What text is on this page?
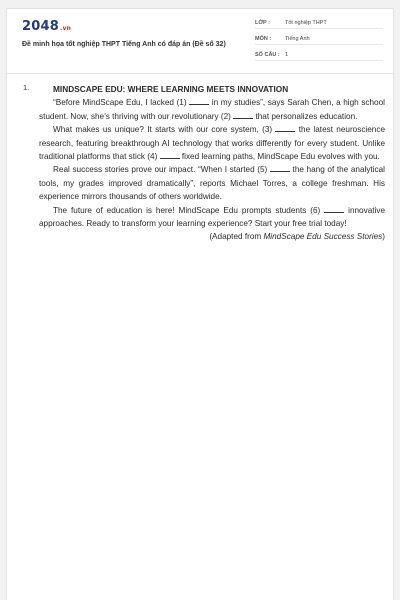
2048.vn
Đề minh họa tốt nghiệp THPT Tiếng Anh có đáp án (Đề số 32)
LỚP :	Tốt nghiệp THPT
MÔN :	Tiếng Anh
SỐ CÂU : 1
1.	MINDSCAPE EDU: WHERE LEARNING MEETS INNOVATION

“Before MindScape Edu, I lacked (1)  in my studies”, says Sarah Chen, a high school student. Now, she’s thriving with our revolutionary (2)  that personalizes education.

What makes us unique? It starts with our core system, (3)  the latest neuroscience research, featuring breakthrough AI technology that works differently for every student. Unlike traditional platforms that stick (4)  fixed learning paths, MindScape Edu evolves with you.

Real success stories prove our impact. “When I started (5)  the hang of the analytical tools, my grades improved dramatically”, reports Michael Torres, a college freshman. His experience mirrors thousands of others worldwide.

The future of education is here! MindScape Edu prompts students (6)  innovative approaches. Ready to transform your learning experience? Start your free trial today!

(Adapted from MindScape Edu Success Stories)
